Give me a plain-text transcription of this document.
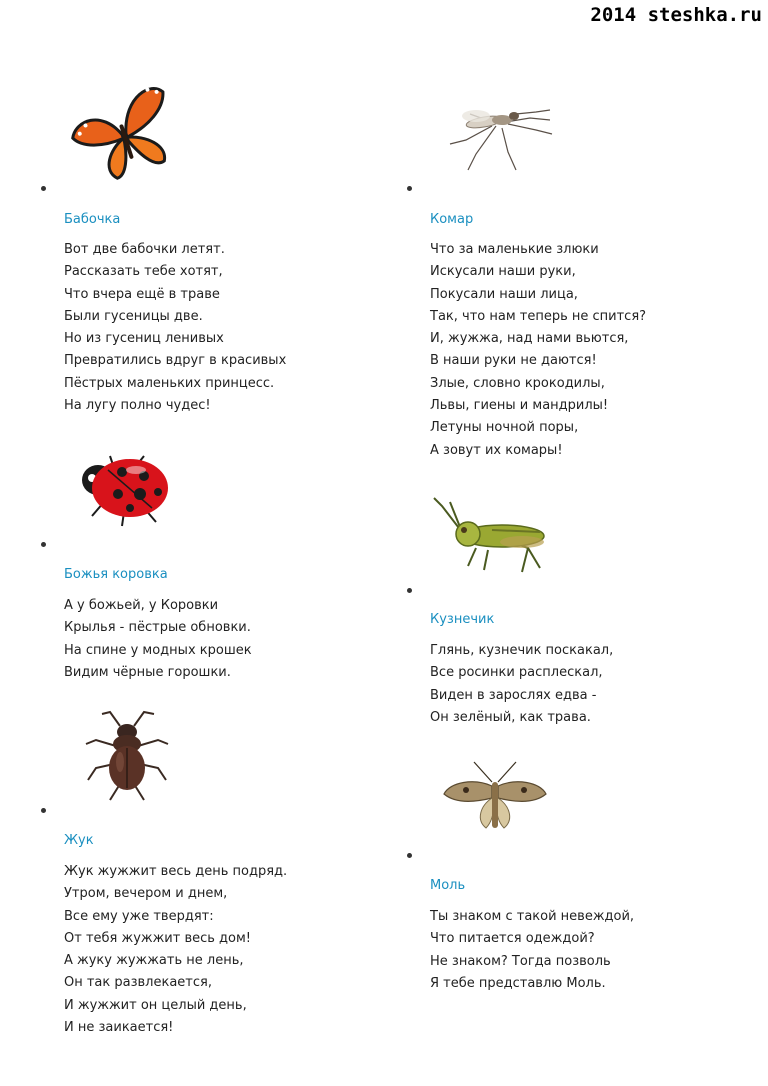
2014 steshka.ru
Бабочка
Вот две бабочки летят.
Рассказать тебе хотят,
Что вчера ещё в траве
Были гусеницы две.
Но из гусениц ленивых
Превратились вдруг в красивых
Пёстрых маленьких принцесс.
На лугу полно чудес!
Божья коровка
А у божьей, у Коровки
Крылья - пёстрые обновки.
На спине у модных крошек
Видим чёрные горошки.
Жук
Жук жужжит весь день подряд.
Утром, вечером и днем,
Все ему уже твердят:
От тебя жужжит весь дом!
А жуку жужжать не лень,
Он так развлекается,
И жужжит он целый день,
И не заикается!
Комар
Что за маленькие злюки
Искусали наши руки,
Покусали наши лица,
Так, что нам теперь не спится?
И, жужжа, над нами вьются,
В наши руки не даются!
Злые, словно крокодилы,
Львы, гиены и мандрилы!
Летуны ночной поры,
А зовут их комары!
Кузнечик
Глянь, кузнечик поскакал,
Все росинки расплескал,
Виден в зарослях едва -
Он зелёный, как трава.
Моль
Ты знаком с такой невеждой,
Что питается одеждой?
Не знаком? Тогда позволь
Я тебе представлю Моль.
